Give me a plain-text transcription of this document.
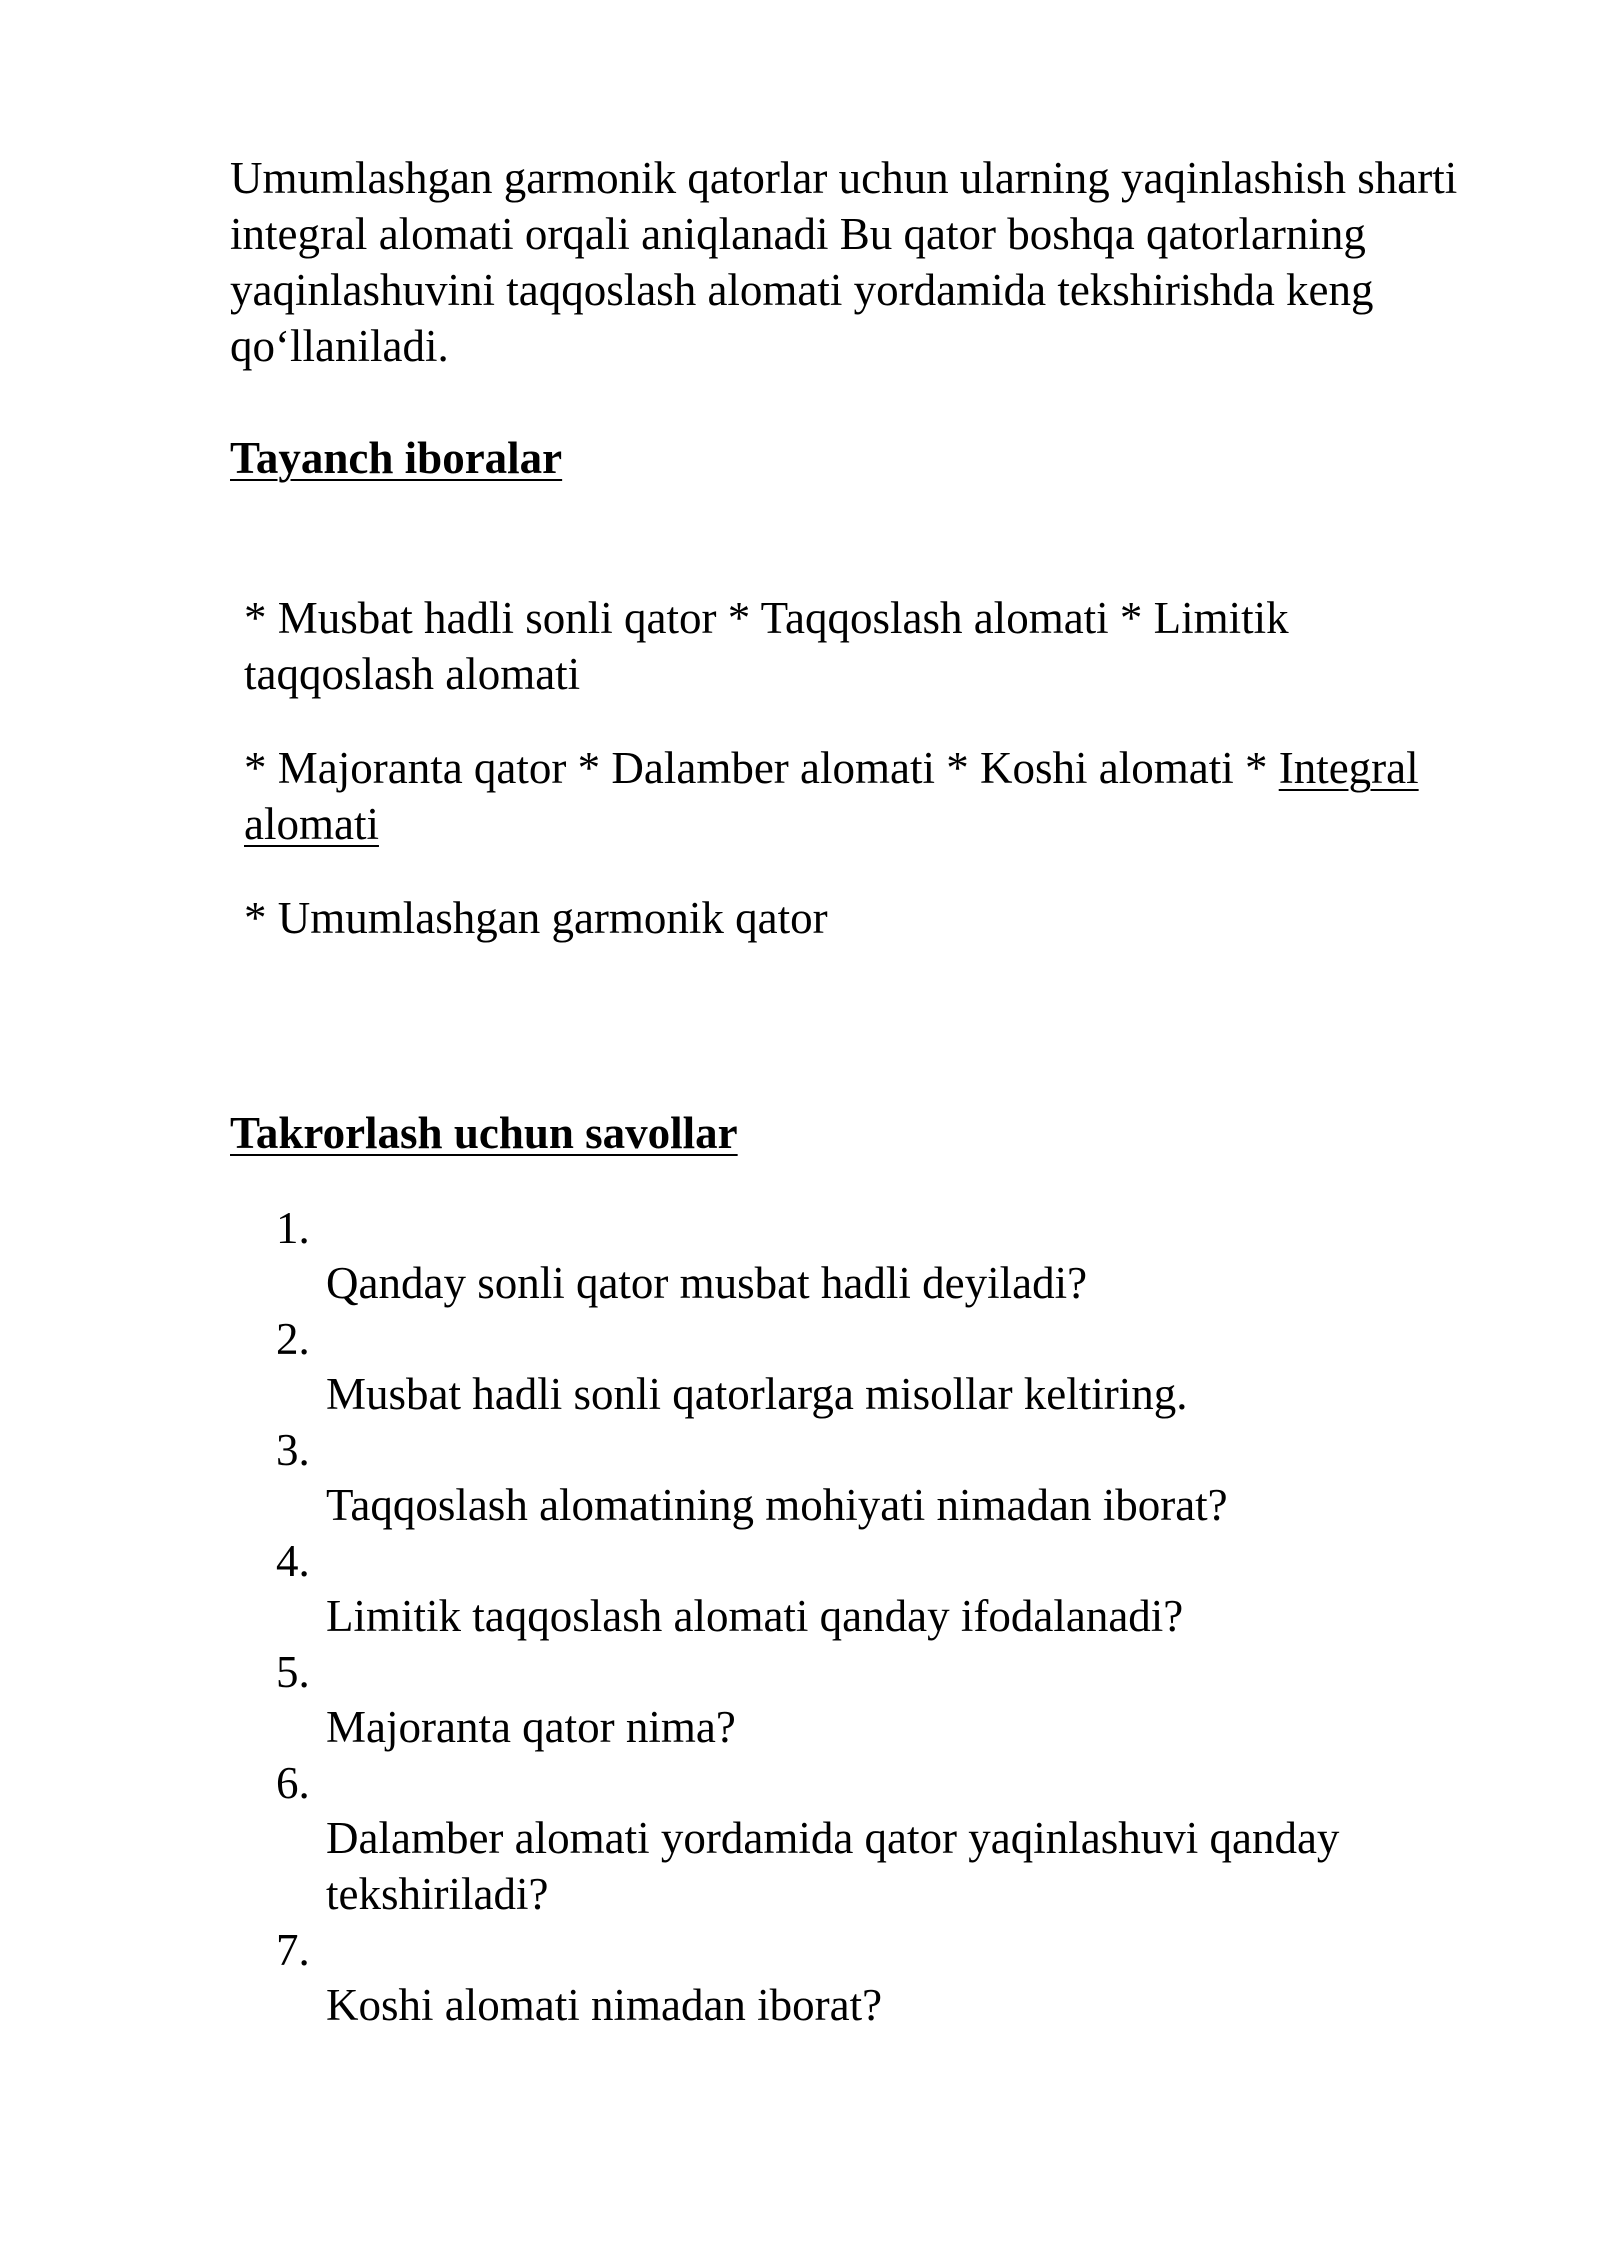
Umumlashgan garmonik qatorlar uchun ularning yaqinlashish sharti integral alomati orqali aniqlanadi Bu qator boshqa qatorlarning yaqinlashuvini taqqoslash alomati yordamida tekshirishda keng qo‘llaniladi.

Tayanch iboralar

* Musbat hadli sonli qator * Taqqoslash alomati * Limitik taqqoslash alomati

* Majoranta qator * Dalamber alomati * Koshi alomati * Integral alomati

* Umumlashgan garmonik qator

Takrorlash uchun savollar
1.
Qanday sonli qator musbat hadli deyiladi?
2.
Musbat hadli sonli qatorlarga misollar keltiring.
3.
Taqqoslash alomatining mohiyati nimadan iborat?
4.
Limitik taqqoslash alomati qanday ifodalanadi?
5.
Majoranta qator nima?
6.
Dalamber alomati yordamida qator yaqinlashuvi qanday tekshiriladi?
7.
Koshi alomati nimadan iborat?
